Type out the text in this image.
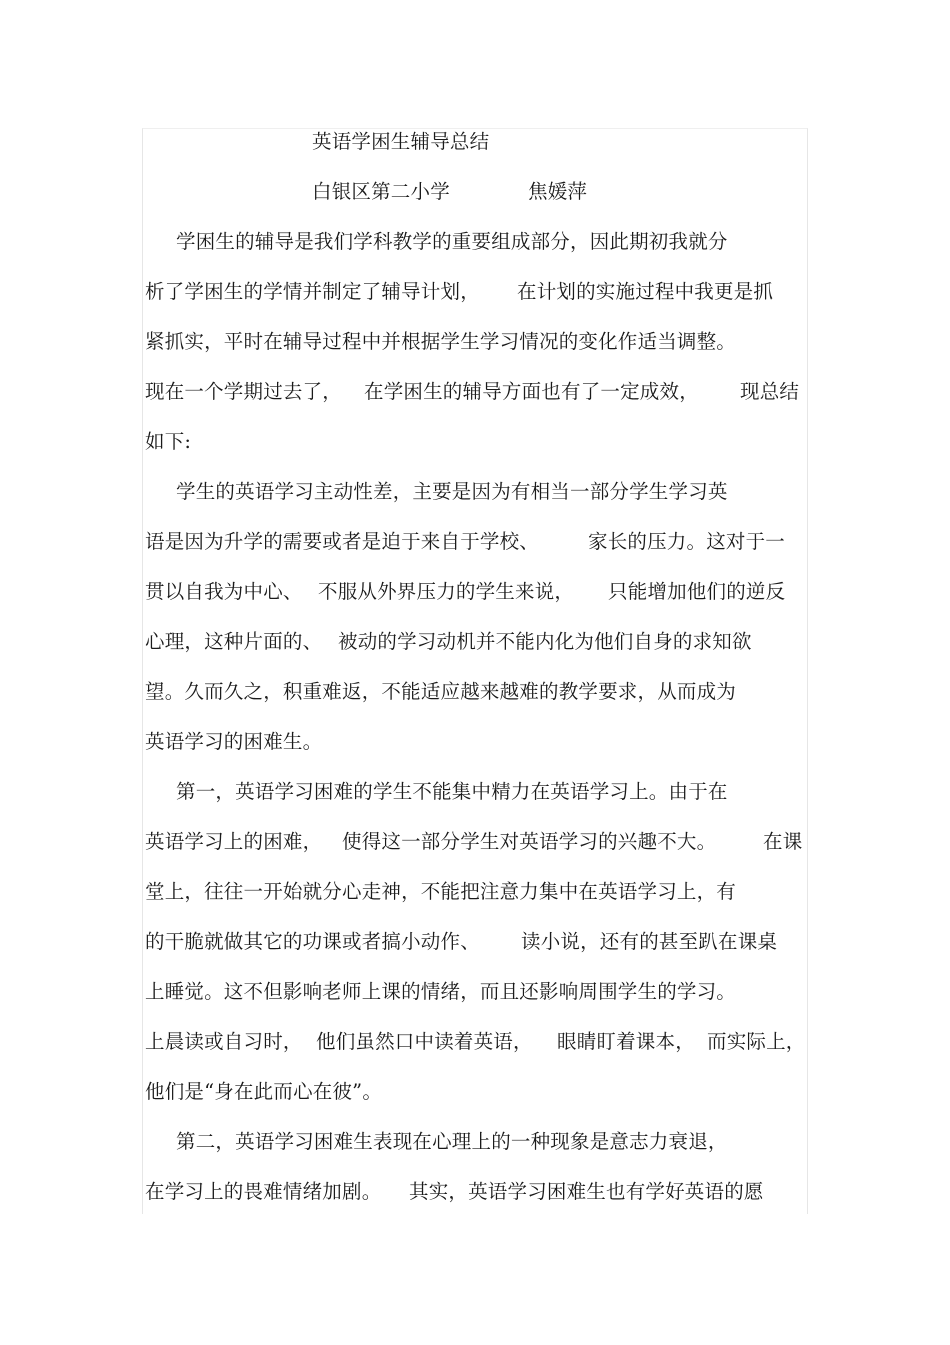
英语学困生辅导总结
白银区第二小学	焦媛萍
学困生的辅导是我们学科教学的重要组成部分，因此期初我就分
析了学困生的学情并制定了辅导计划， 在计划的实施过程中我更是抓
紧抓实，平时在辅导过程中并根据学生学习情况的变化作适当调整。
现在一个学期过去了， 在学困生的辅导方面也有了一定成效， 现总结
如下:
学生的英语学习主动性差，主要是因为有相当一部分学生学习英
语是因为升学的需要或者是迫于来自于学校、	家长的压力。这对于一
贯以自我为中心、 不服从外界压力的学生来说， 只能增加他们的逆反
心理，这种片面的、 被动的学习动机并不能内化为他们自身的求知欲
望。久而久之，积重难返，不能适应越来越难的教学要求，从而成为
英语学习的困难生。
第一，英语学习困难的学生不能集中精力在英语学习上。由于在
英语学习上的困难， 使得这一部分学生对英语学习的兴趣不大。 在课
堂上，往往一开始就分心走神，不能把注意力集中在英语学习上，有
的干脆就做其它的功课或者搞小动作、 读小说，还有的甚至趴在课桌
上睡觉。这不但影响老师上课的情绪，而且还影响周围学生的学习。
上晨读或自习时， 他们虽然口中读着英语， 眼睛盯着课本， 而实际上，
他们是“身在此而心在彼”。
第二，英语学习困难生表现在心理上的一种现象是意志力衰退，
在学习上的畏难情绪加剧。 其实，英语学习困难生也有学好英语的愿
